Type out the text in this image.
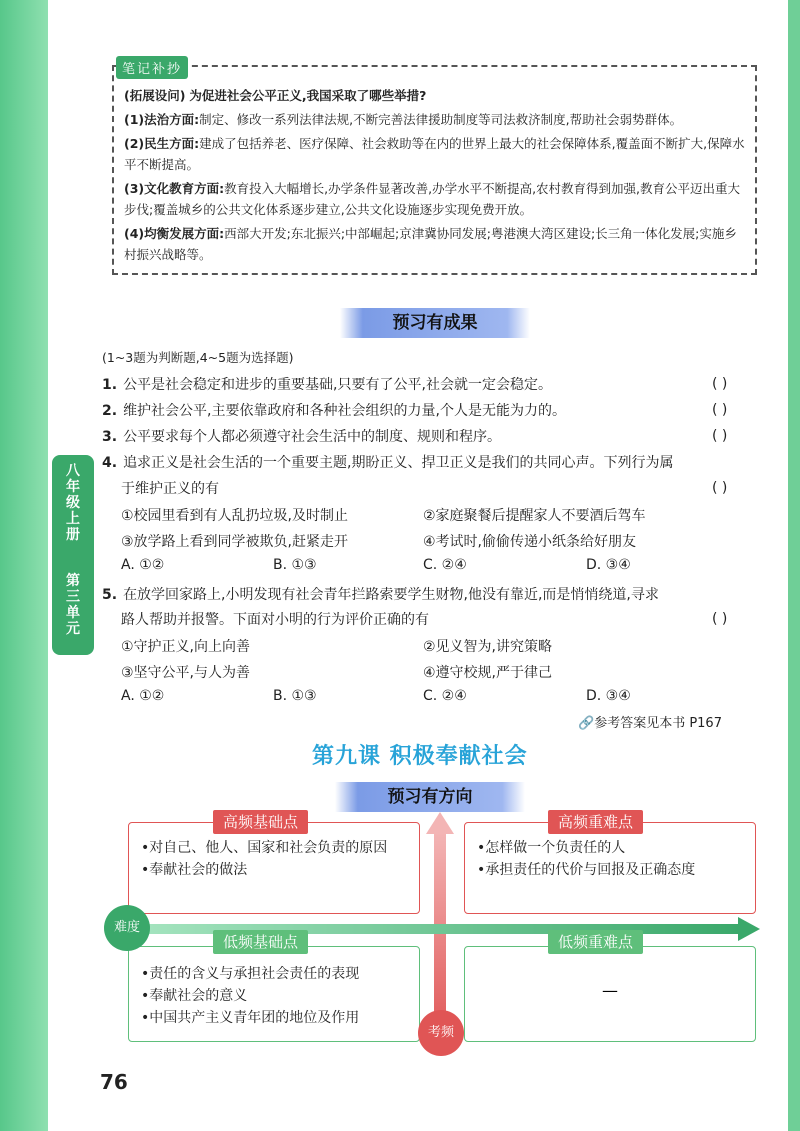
八年级上册
第三单元

(拓展设问) 为促进社会公平正义,我国采取了哪些举措?

(1)法治方面:制定、修改一系列法律法规,不断完善法律援助制度等司法救济制度,帮助社会弱势群体。

(2)民生方面:建成了包括养老、医疗保障、社会救助等在内的世界上最大的社会保障体系,覆盖面不断扩大,保障水平不断提高。

(3)文化教育方面:教育投入大幅增长,办学条件显著改善,办学水平不断提高,农村教育得到加强,教育公平迈出重大步伐;覆盖城乡的公共文化体系逐步建立,公共文化设施逐步实现免费开放。

(4)均衡发展方面:西部大开发;东北振兴;中部崛起;京津冀协同发展;粤港澳大湾区建设;长三角一体化发展;实施乡村振兴战略等。

笔记补抄
预习有成果
(1~3题为判断题,4~5题为选择题)
1. 公平是社会稳定和进步的重要基础,只要有了公平,社会就一定会稳定。	( )
2. 维护社会公平,主要依靠政府和各种社会组织的力量,个人是无能为力的。	( )
3. 公平要求每个人都必须遵守社会生活中的制度、规则和程序。	( )
4. 追求正义是社会生活的一个重要主题,期盼正义、捍卫正义是我们的共同心声。下列行为属
于维护正义的有	( )
①校园里看到有人乱扔垃圾,及时制止	②家庭聚餐后提醒家人不要酒后驾车
③放学路上看到同学被欺负,赶紧走开	④考试时,偷偷传递小纸条给好朋友
A. ①②	B. ①③	C. ②④	D. ③④
5. 在放学回家路上,小明发现有社会青年拦路索要学生财物,他没有靠近,而是悄悄绕道,寻求
路人帮助并报警。下面对小明的行为评价正确的有	( )
①守护正义,向上向善	②见义智为,讲究策略
③坚守公平,与人为善	④遵守校规,严于律己
A. ①②	B. ①③	C. ②④	D. ③④
🔗参考答案见本书 P167
第九课 积极奉献社会
预习有方向
•对自己、他人、国家和社会负责的原因
•奉献社会的做法
高频基础点
•怎样做一个负责任的人
•承担责任的代价与回报及正确态度
高频重难点
•责任的含义与承担社会责任的表现
•奉献社会的意义
•中国共产主义青年团的地位及作用
低频基础点
—
低频重难点
难度
考频
76
